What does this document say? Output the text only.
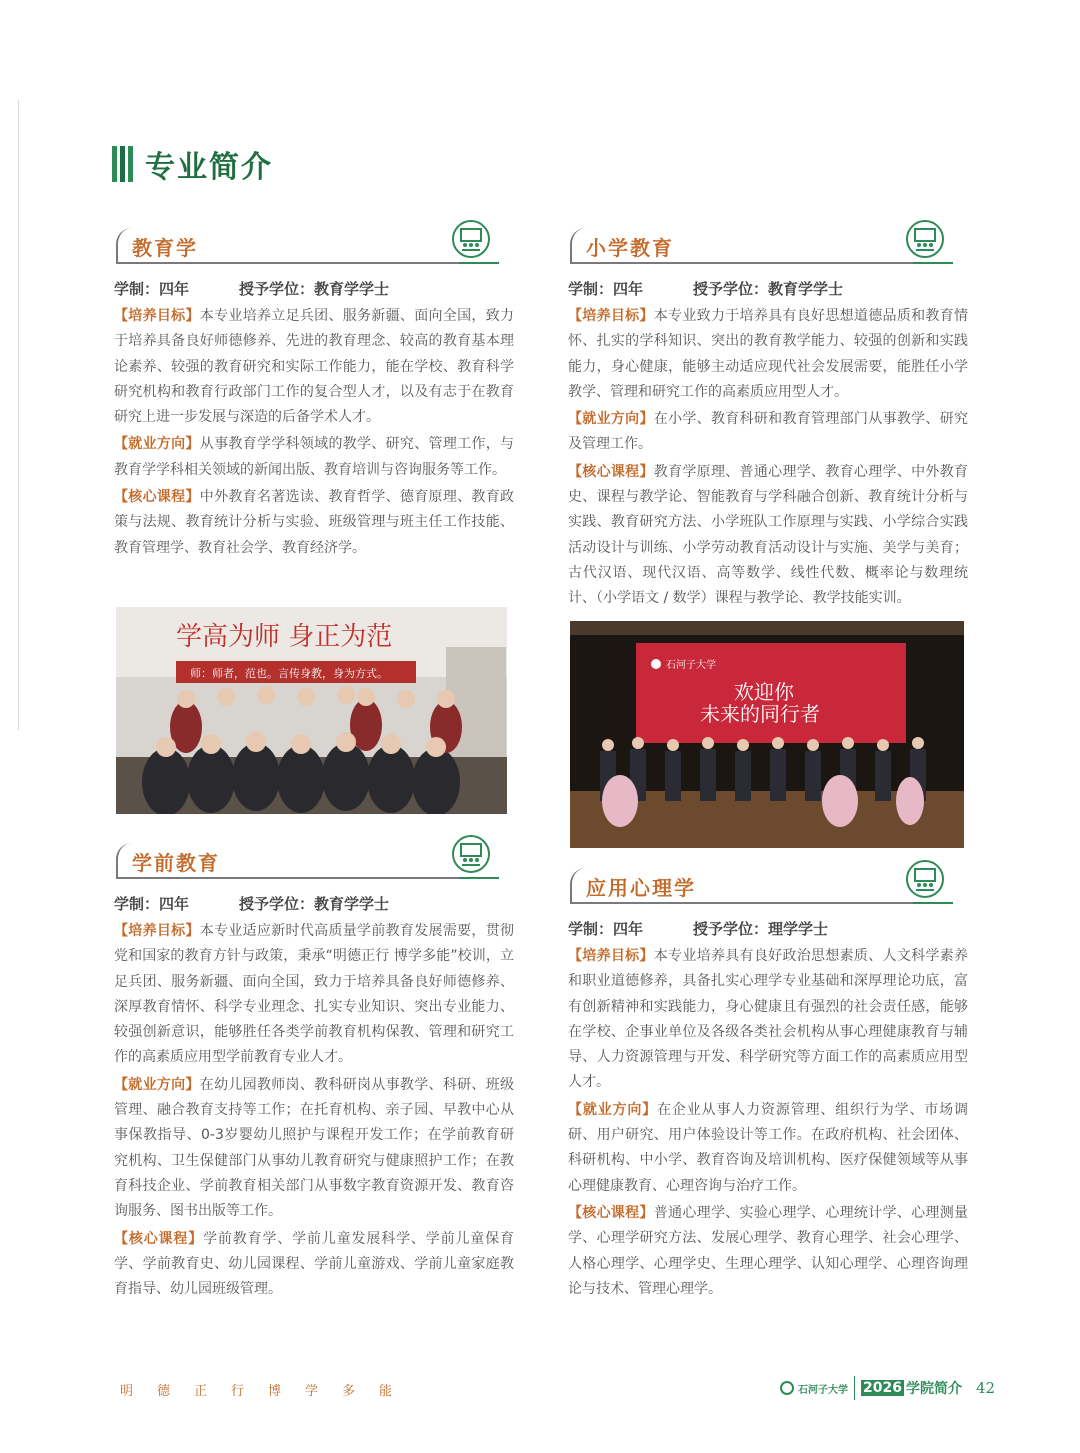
专业简介
教育学
学制：四年	授予学位：教育学学士

【培养目标】本专业培养立足兵团、服务新疆、面向全国，致力于培养具备良好师德修养、先进的教育理念、较高的教育基本理论素养、较强的教育研究和实际工作能力，能在学校、教育科学研究机构和教育行政部门工作的复合型人才，以及有志于在教育研究上进一步发展与深造的后备学术人才。

【就业方向】从事教育学学科领域的教学、研究、管理工作，与教育学学科相关领域的新闻出版、教育培训与咨询服务等工作。

【核心课程】中外教育名著选读、教育哲学、德育原理、教育政策与法规、教育统计分析与实验、班级管理与班主任工作技能、教育管理学、教育社会学、教育经济学。

小学教育
学制：四年	授予学位：教育学学士

【培养目标】本专业致力于培养具有良好思想道德品质和教育情怀、扎实的学科知识、突出的教育教学能力、较强的创新和实践能力，身心健康，能够主动适应现代社会发展需要，能胜任小学教学、管理和研究工作的高素质应用型人才。

【就业方向】在小学、教育科研和教育管理部门从事教学、研究及管理工作。

【核心课程】教育学原理、普通心理学、教育心理学、中外教育史、课程与教学论、智能教育与学科融合创新、教育统计分析与实践、教育研究方法、小学班队工作原理与实践、小学综合实践活动设计与训练、小学劳动教育活动设计与实施、美学与美育；古代汉语、现代汉语、高等数学、线性代数、概率论与数理统计、（小学语文 / 数学）课程与教学论、教学技能实训。

学高为师 身正为范
师：师者，范也。言传身教，身为方式。
石河子大学
欢迎你
未来的同行者
学前教育
学制：四年	授予学位：教育学学士

【培养目标】本专业适应新时代高质量学前教育发展需要，贯彻党和国家的教育方针与政策，秉承“明德正行 博学多能”校训，立足兵团、服务新疆、面向全国，致力于培养具备良好师德修养、深厚教育情怀、科学专业理念、扎实专业知识、突出专业能力、较强创新意识，能够胜任各类学前教育机构保教、管理和研究工作的高素质应用型学前教育专业人才。

【就业方向】在幼儿园教师岗、教科研岗从事教学、科研、班级管理、融合教育支持等工作；在托育机构、亲子园、早教中心从事保教指导、0-3岁婴幼儿照护与课程开发工作；在学前教育研究机构、卫生保健部门从事幼儿教育研究与健康照护工作；在教育科技企业、学前教育相关部门从事数字教育资源开发、教育咨询服务、图书出版等工作。

【核心课程】学前教育学、学前儿童发展科学、学前儿童保育学、学前教育史、幼儿园课程、学前儿童游戏、学前儿童家庭教育指导、幼儿园班级管理。

应用心理学
学制：四年	授予学位：理学学士

【培养目标】本专业培养具有良好政治思想素质、人文科学素养和职业道德修养，具备扎实心理学专业基础和深厚理论功底，富有创新精神和实践能力，身心健康且有强烈的社会责任感，能够在学校、企事业单位及各级各类社会机构从事心理健康教育与辅导、人力资源管理与开发、科学研究等方面工作的高素质应用型人才。

【就业方向】在企业从事人力资源管理、组织行为学、市场调研、用户研究、用户体验设计等工作。在政府机构、社会团体、科研机构、中小学、教育咨询及培训机构、医疗保健领域等从事心理健康教育、心理咨询与治疗工作。

【核心课程】普通心理学、实验心理学、心理统计学、心理测量学、心理学研究方法、发展心理学、教育心理学、社会心理学、人格心理学、心理学史、生理心理学、认知心理学、心理咨询理论与技术、管理心理学。

明德正行博学多能	石河子大学 2026 学院简介 42
